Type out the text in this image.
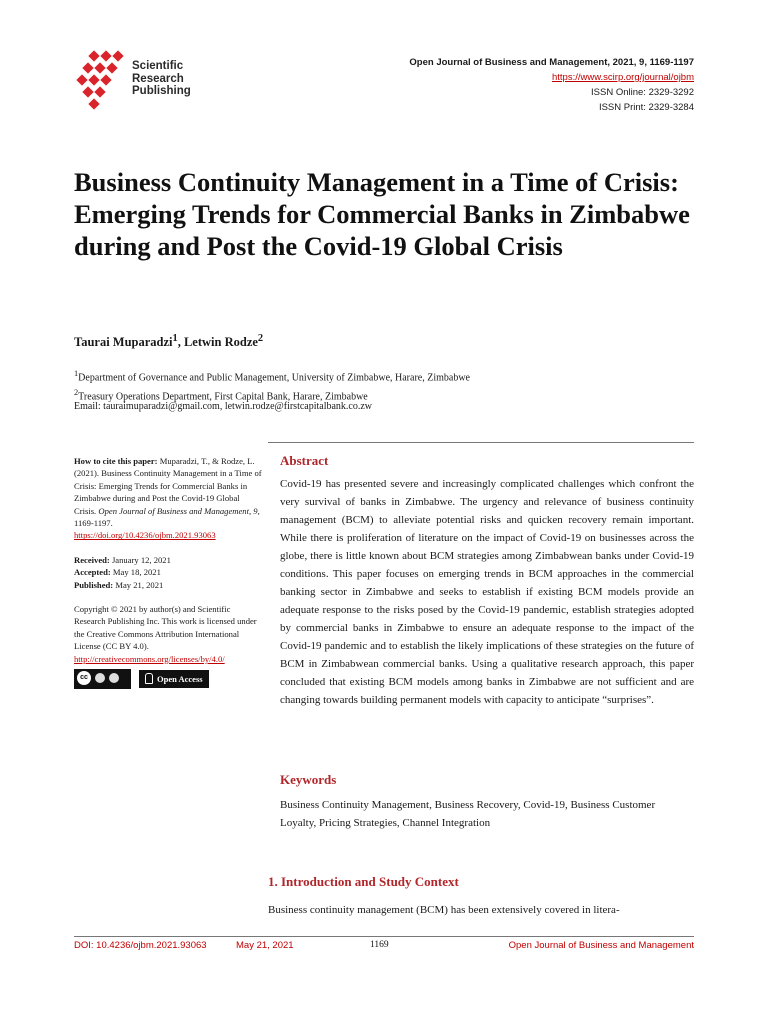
Scientific
Research
Publishing
Open Journal of Business and Management, 2021, 9, 1169-1197
https://www.scirp.org/journal/ojbm
ISSN Online: 2329-3292
ISSN Print: 2329-3284
Business Continuity Management in a Time of Crisis: Emerging Trends for Commercial Banks in Zimbabwe during and Post the Covid-19 Global Crisis
Taurai Muparadzi$^1$, Letwin Rodze$^2$
$^1$Department of Governance and Public Management, University of Zimbabwe, Harare, Zimbabwe
$^2$Treasury Operations Department, First Capital Bank, Harare, Zimbabwe
Email: tauraimuparadzi@gmail.com, letwin.rodze@firstcapitalbank.co.zw

How to cite this paper: Muparadzi, T., & Rodze, L. (2021). Business Continuity Management in a Time of Crisis: Emerging Trends for Commercial Banks in Zimbabwe during and Post the Covid-19 Global Crisis. Open Journal of Business and Management, 9, 1169-1197.
https://doi.org/10.4236/ojbm.2021.93063

Received: January 12, 2021
Accepted: May 18, 2021
Published: May 21, 2021

Copyright © 2021 by author(s) and Scientific Research Publishing Inc. This work is licensed under the Creative Commons Attribution International License (CC BY 4.0).
http://creativecommons.org/licenses/by/4.0/

cc	Open Access
Abstract
Covid-19 has presented severe and increasingly complicated challenges which confront the very survival of banks in Zimbabwe. The urgency and relevance of business continuity management (BCM) to alleviate potential risks and quicken recovery remain important. While there is proliferation of literature on the impact of Covid-19 on businesses across the globe, there is little known about BCM strategies among Zimbabwean banks under Covid-19 conditions. This paper focuses on emerging trends in BCM approaches in the commercial banking sector in Zimbabwe and seeks to establish if existing BCM models provide an adequate response to the risks posed by the Covid-19 pandemic, establish strategies adopted by commercial banks in Zimbabwe to ensure an adequate response to the impact of the Covid-19 pandemic and to establish the likely implications of these strategies on the future of BCM in Zimbabwean commercial banks. Using a qualitative research approach, this paper concluded that existing BCM models among banks in Zimbabwe are not sufficient and are changing towards building permanent models with capacity to anticipate “surprises”.
Keywords
Business Continuity Management, Business Recovery, Covid-19, Business Customer Loyalty, Pricing Strategies, Channel Integration
1. Introduction and Study Context
Business continuity management (BCM) has been extensively covered in litera-
DOI: 10.4236/ojbm.2021.93063	May 21, 2021	1169	Open Journal of Business and Management
